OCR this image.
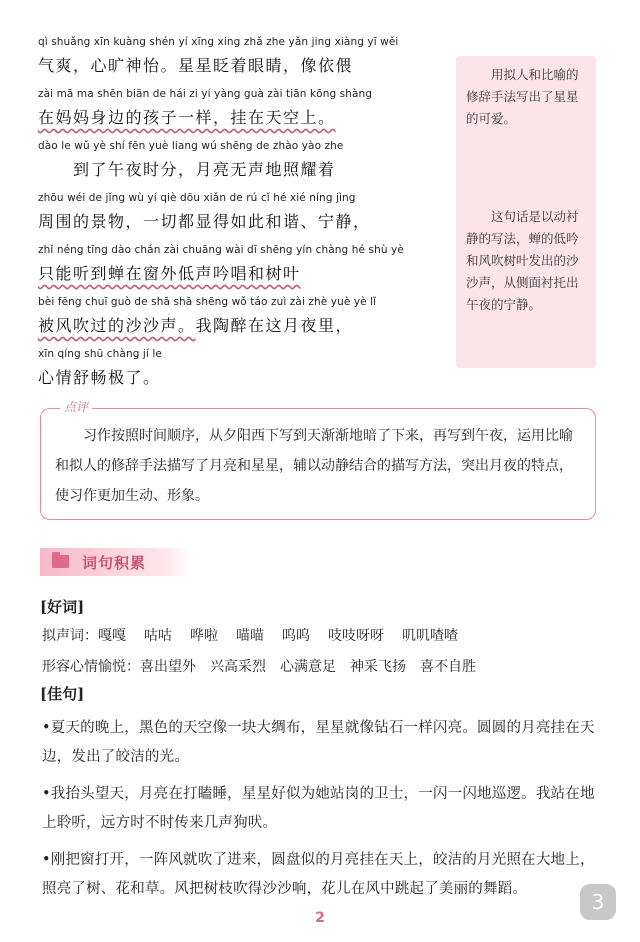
qì shuǎng xīn kuàng shén yí xīng xing zhǎ zhe yǎn jing xiàng yī wěi
气爽，心旷神怡。星星眨着眼睛，像依偎
zài mā ma shēn biān de hái zi yí yàng guà zài tiān kōng shàng
在妈妈身边的孩子一样，挂在天空上。
dào le wǔ yè shí fēn yuè liang wú shēng de zhào yào zhe
　　到了午夜时分，月亮无声地照耀着
zhōu wéi de jǐng wù yí qiè dōu xiǎn de rú cǐ hé xié níng jìng
周围的景物，一切都显得如此和谐、宁静，
zhǐ néng tīng dào chán zài chuāng wài dī shēng yín chàng hé shù yè
只能听到蝉在窗外低声吟唱和树叶
bèi fēng chuī guò de shā shā shēng wǒ táo zuì zài zhè yuè yè lǐ
被风吹过的沙沙声。我陶醉在这月夜里，
xīn qíng shū chàng jí le
心情舒畅极了。
用拟人和比喻的修辞手法写出了星星的可爱。
这句话是以动衬静的写法，蝉的低吟和风吹树叶发出的沙沙声，从侧面衬托出午夜的宁静。
习作按照时间顺序，从夕阳西下写到天渐渐地暗了下来，再写到午夜，运用比喻和拟人的修辞手法描写了月亮和星星，辅以动静结合的描写方法，突出月夜的特点，使习作更加生动、形象。
点评
词句积累
[好词]
拟声词：嘎嘎 咕咕 哗啦 喵喵 呜呜 吱吱呀呀 叽叽喳喳
形容心情愉悦：喜出望外 兴高采烈 心满意足 神采飞扬 喜不自胜
[佳句]
•夏天的晚上，黑色的天空像一块大绸布，星星就像钻石一样闪亮。圆圆的月亮挂在天边，发出了皎洁的光。
•我抬头望天，月亮在打瞌睡，星星好似为她站岗的卫士，一闪一闪地巡逻。我站在地上聆听，远方时不时传来几声狗吠。
•刚把窗打开，一阵风就吹了进来，圆盘似的月亮挂在天上，皎洁的月光照在大地上，照亮了树、花和草。风把树枝吹得沙沙响，花儿在风中跳起了美丽的舞蹈。
2
3
